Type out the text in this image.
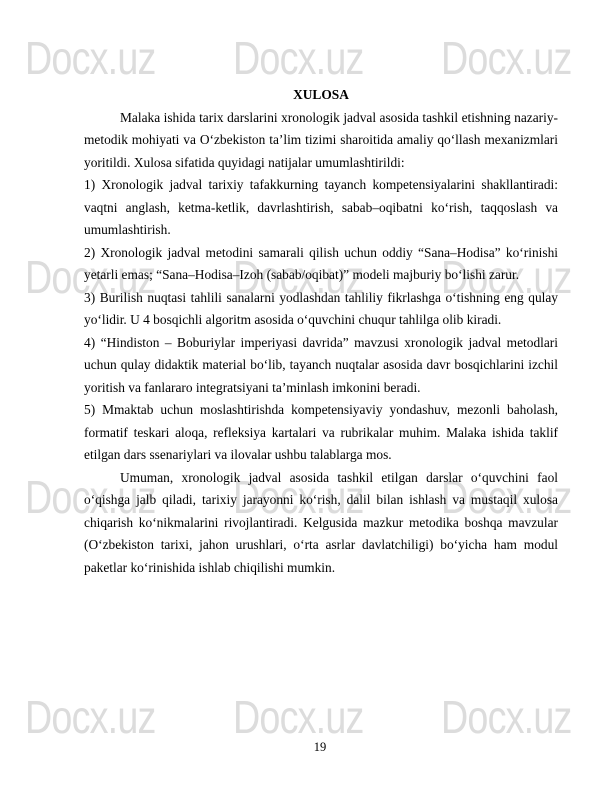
Docx.uz Docx.uz Docx.uz
Docx.uz Docx.uz Docx.uz
Docx.uz Docx.uz Docx.uz
Docx.uz Docx.uz Docx.uz
XULOSA

Malaka ishida tarix darslarini xronologik jadval asosida tashkil etishning nazariy-metodik mohiyati va O‘zbekiston ta’lim tizimi sharoitida amaliy qo‘llash mexanizmlari yoritildi. Xulosa sifatida quyidagi natijalar umumlashtirildi:

1) Xronologik jadval tarixiy tafakkurning tayanch kompetensiyalarini shakllantiradi: vaqtni anglash, ketma-ketlik, davrlashtirish, sabab–oqibatni ko‘rish, taqqoslash va umumlashtirish.

2) Xronologik jadval metodini samarali qilish uchun oddiy “Sana–Hodisa” ko‘rinishi yetarli emas; “Sana–Hodisa–Izoh (sabab/oqibat)” modeli majburiy bo‘lishi zarur.

3) Burilish nuqtasi tahlili sanalarni yodlashdan tahliliy fikrlashga o‘tishning eng qulay yo‘lidir. U 4 bosqichli algoritm asosida o‘quvchini chuqur tahlilga olib kiradi.

4) “Hindiston – Boburiylar imperiyasi davrida” mavzusi xronologik jadval metodlari uchun qulay didaktik material bo‘lib, tayanch nuqtalar asosida davr bosqichlarini izchil yoritish va fanlararo integratsiyani ta’minlash imkonini beradi.

5) Mmaktab uchun moslashtirishda kompetensiyaviy yondashuv, mezonli baholash, formatif teskari aloqa, refleksiya kartalari va rubrikalar muhim. Malaka ishida taklif etilgan dars ssenariylari va ilovalar ushbu talablarga mos.

Umuman, xronologik jadval asosida tashkil etilgan darslar o‘quvchini faol o‘qishga jalb qiladi, tarixiy jarayonni ko‘rish, dalil bilan ishlash va mustaqil xulosa chiqarish ko‘nikmalarini rivojlantiradi. Kelgusida mazkur metodika boshqa mavzular (O‘zbekiston tarixi, jahon urushlari, o‘rta asrlar davlatchiligi) bo‘yicha ham modul paketlar ko‘rinishida ishlab chiqilishi mumkin.

19
